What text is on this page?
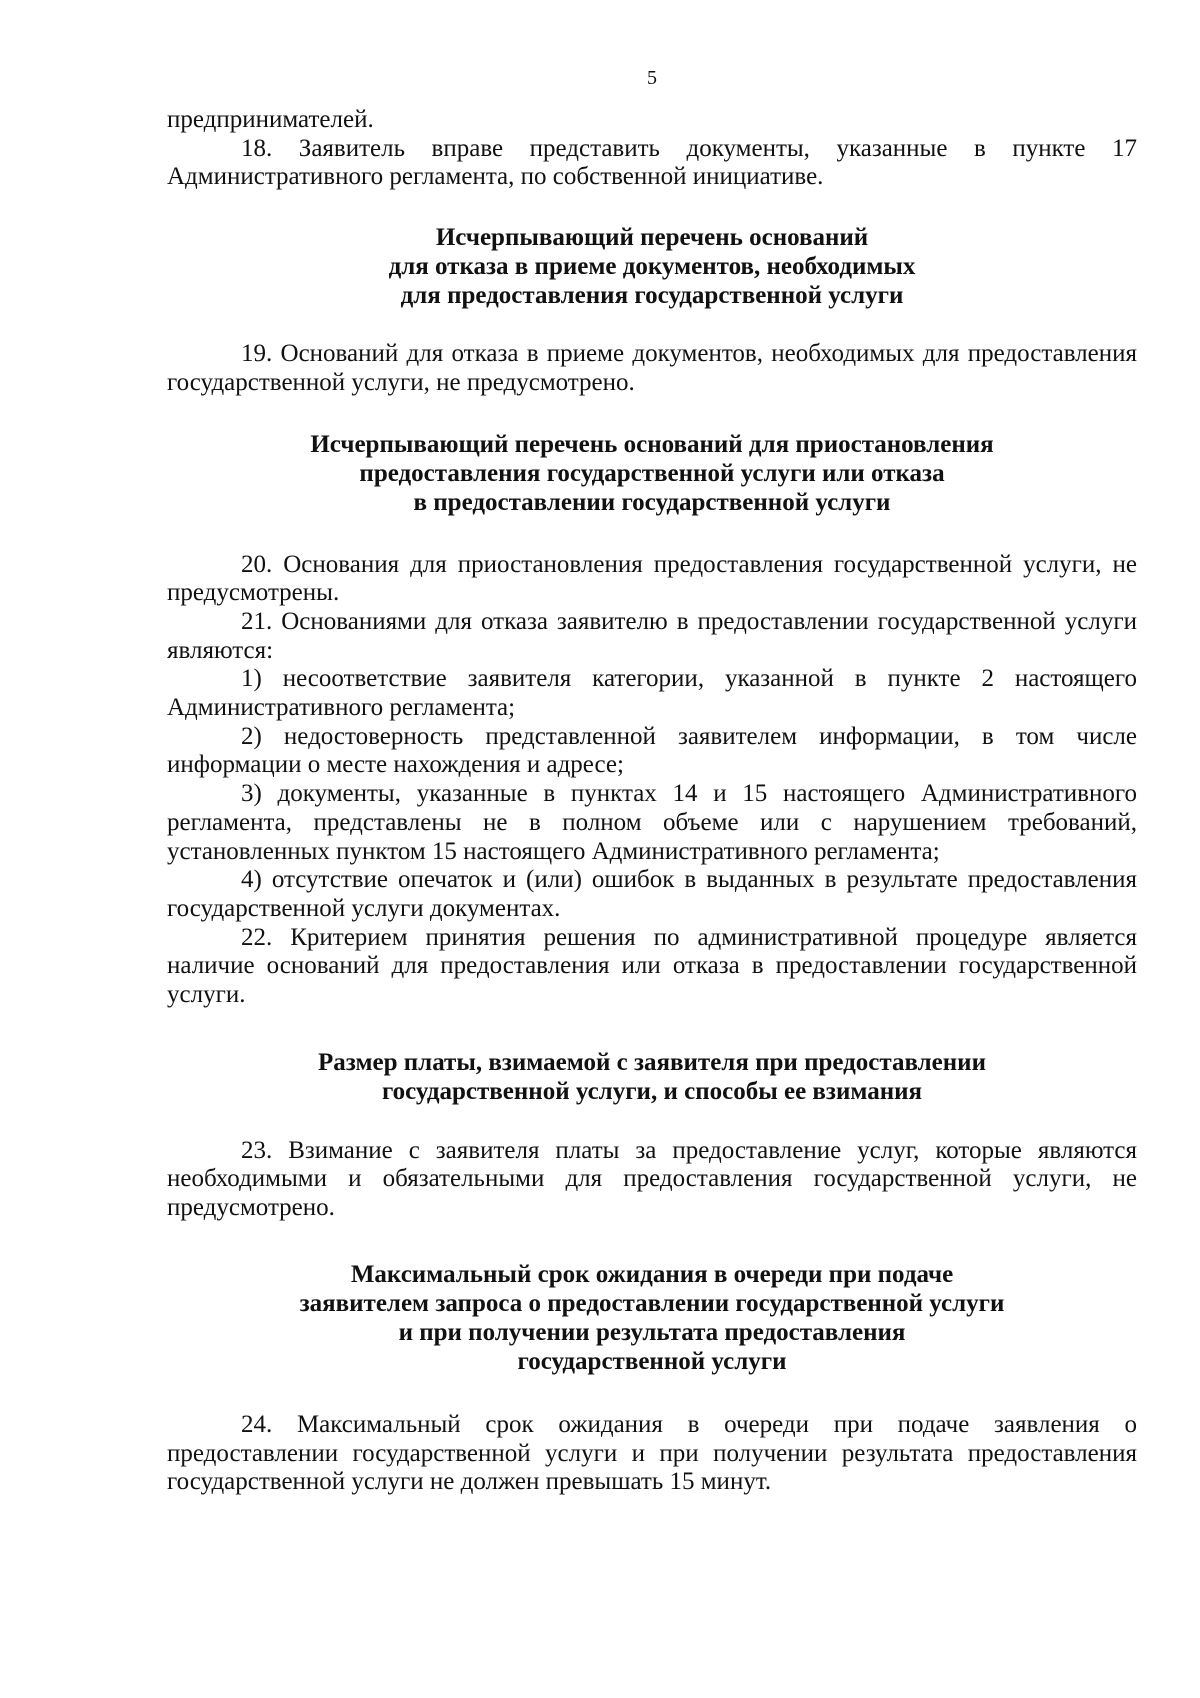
5

предпринимателей.

18. Заявитель вправе представить документы, указанные в пункте 17 Административного регламента, по собственной инициативе.

Исчерпывающий перечень оснований
для отказа в приеме документов, необходимых
для предоставления государственной услуги

19. Оснований для отказа в приеме документов, необходимых для предоставления государственной услуги, не предусмотрено.

Исчерпывающий перечень оснований для приостановления
предоставления государственной услуги или отказа
в предоставлении государственной услуги

20. Основания для приостановления предоставления государственной услуги, не предусмотрены.

21. Основаниями для отказа заявителю в предоставлении государственной услуги являются:

1) несоответствие заявителя категории, указанной в пункте 2 настоящего Административного регламента;

2) недостоверность представленной заявителем информации, в том числе информации о месте нахождения и адресе;

3) документы, указанные в пунктах 14 и 15 настоящего Административного регламента, представлены не в полном объеме или с нарушением требований, установленных пунктом 15 настоящего Административного регламента;

4) отсутствие опечаток и (или) ошибок в выданных в результате предоставления государственной услуги документах.

22. Критерием принятия решения по административной процедуре является наличие оснований для предоставления или отказа в предоставлении государственной услуги.

Размер платы, взимаемой с заявителя при предоставлении
государственной услуги, и способы ее взимания

23. Взимание с заявителя платы за предоставление услуг, которые являются необходимыми и обязательными для предоставления государственной услуги, не предусмотрено.

Максимальный срок ожидания в очереди при подаче
заявителем запроса о предоставлении государственной услуги
и при получении результата предоставления
государственной услуги

24. Максимальный срок ожидания в очереди при подаче заявления о предоставлении государственной услуги и при получении результата предоставления государственной услуги не должен превышать 15 минут.
